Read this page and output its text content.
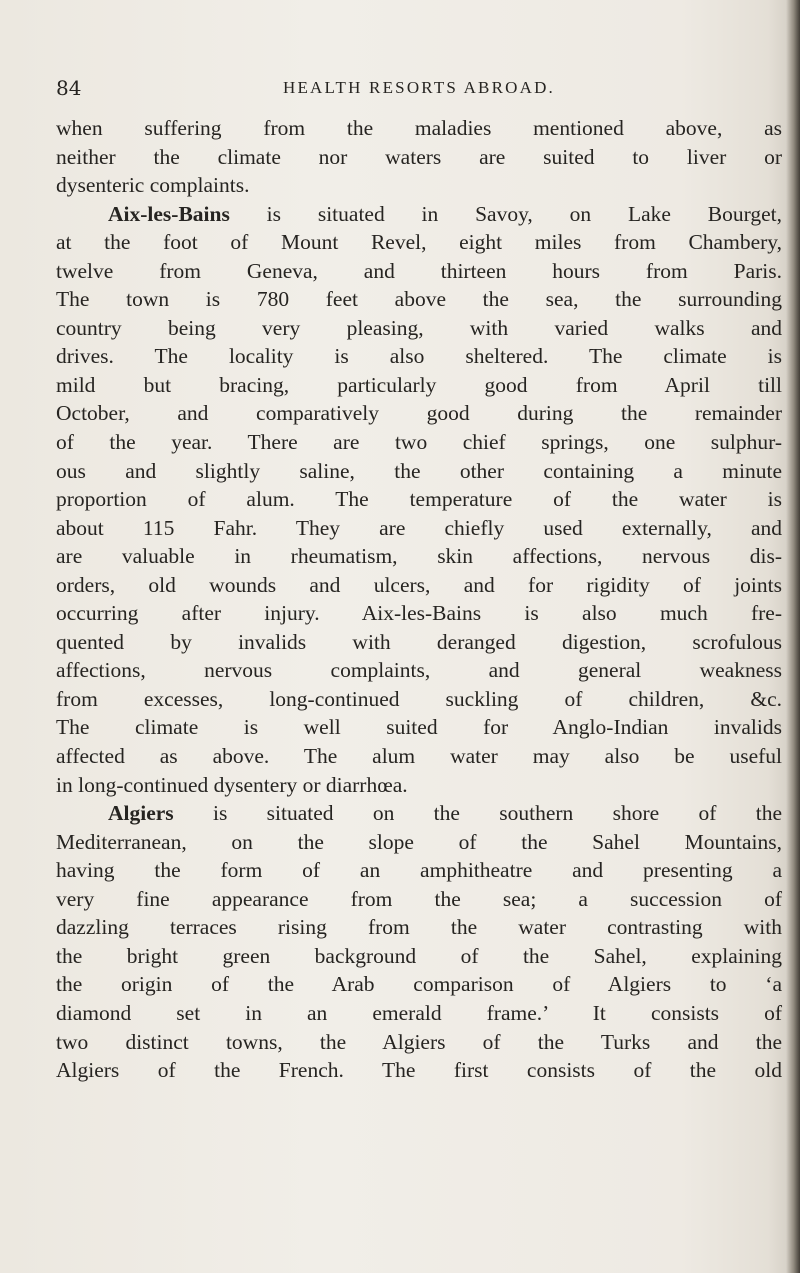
84	HEALTH RESORTS ABROAD.
when suffering from the maladies mentioned above, as
neither the climate nor waters are suited to liver or
dysenteric complaints.
Aix-les-Bains is situated in Savoy, on Lake Bourget,
at the foot of Mount Revel, eight miles from Chambery,
twelve from Geneva, and thirteen hours from Paris.
The town is 780 feet above the sea, the surrounding
country being very pleasing, with varied walks and
drives. The locality is also sheltered. The climate is
mild but bracing, particularly good from April till
October, and comparatively good during the remainder
of the year. There are two chief springs, one sulphur-
ous and slightly saline, the other containing a minute
proportion of alum. The temperature of the water is
about 115 Fahr. They are chiefly used externally, and
are valuable in rheumatism, skin affections, nervous dis-
orders, old wounds and ulcers, and for rigidity of joints
occurring after injury. Aix-les-Bains is also much fre-
quented by invalids with deranged digestion, scrofulous
affections, nervous complaints, and general weakness
from excesses, long-continued suckling of children, &c.
The climate is well suited for Anglo-Indian invalids
affected as above. The alum water may also be useful
in long-continued dysentery or diarrhœa.
Algiers is situated on the southern shore of the
Mediterranean, on the slope of the Sahel Mountains,
having the form of an amphitheatre and presenting a
very fine appearance from the sea; a succession of
dazzling terraces rising from the water contrasting with
the bright green background of the Sahel, explaining
the origin of the Arab comparison of Algiers to ‘a
diamond set in an emerald frame.’ It consists of
two distinct towns, the Algiers of the Turks and the
Algiers of the French. The first consists of the old
